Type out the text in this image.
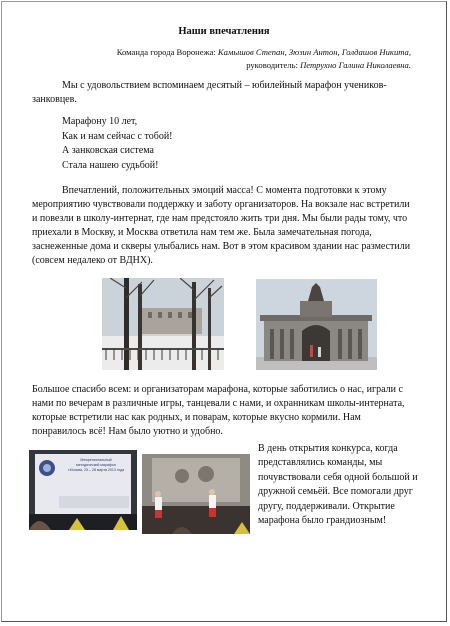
Наши впечатления
Команда города Воронежа: Камышов Степан, Зюзин Антон, Голдашов Никита,
руководитель: Петрухно Галина Николаевна.
Мы с удовольствием вспоминаем десятый – юбилейный марафон учеников-занковцев.
Марафону 10 лет,
Как и нам сейчас с тобой!
А занковская система
Стала нашею судьбой!
Впечатлений, положительных эмоций масса! С момента подготовки к этому мероприятию чувствовали поддержку и заботу организаторов. На вокзале нас встретили и повезли в школу-интернат, где нам предстояло жить три дня. Мы были рады тому, что приехали в Москву, и Москва ответила нам тем же. Была замечательная погода, заснеженные дома и скверы улыбались нам. Вот в этом красивом здании нас разместили (совсем недалеко от ВДНХ).
Большое спасибо всем: и организаторам марафона, которые заботились о нас, играли с нами по вечерам в различные игры, танцевали с нами, и охранникам школы-интерната, которые встретили нас как родных, и поварам, которые вкусно кормили. Нам понравилось всё! Нам было уютно и удобно.
Межрегиональный
методический марафон
г.Москва, 25 – 28 марта 2013 года
В день открытия конкурса, когда представлялись команды, мы почувствовали себя одной большой и дружной семьёй. Все помогали друг другу, поддерживали. Открытие марафона было грандиозным!
